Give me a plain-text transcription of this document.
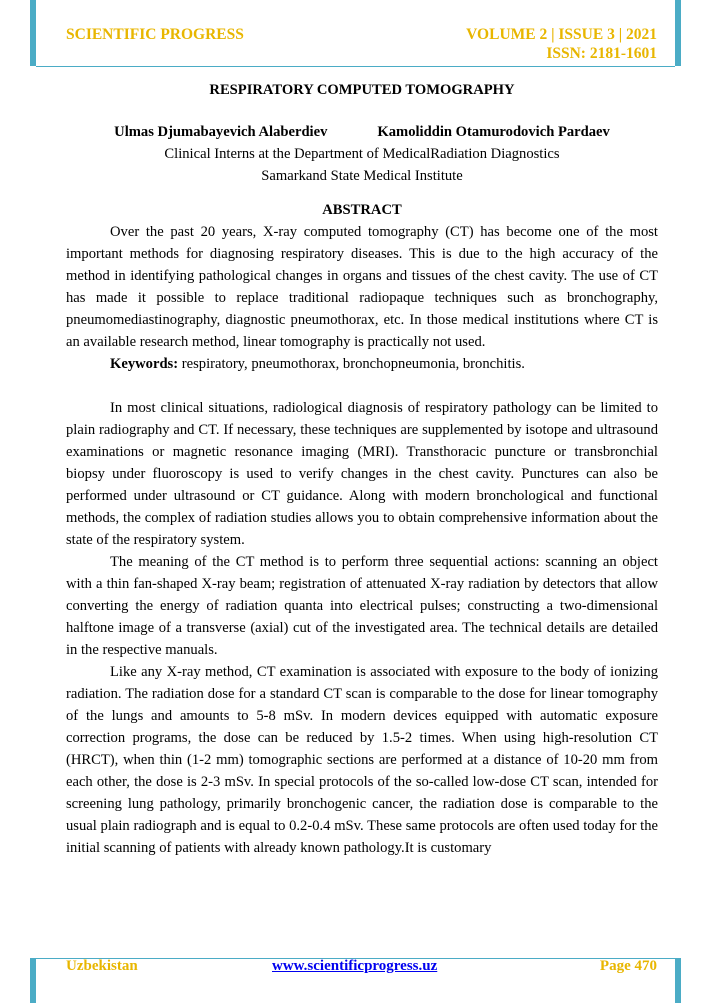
SCIENTIFIC PROGRESS	VOLUME 2 | ISSUE 3 | 2021
ISSN: 2181-1601
RESPIRATORY COMPUTED TOMOGRAPHY
Ulmas Djumabayevich Alaberdiev	Kamoliddin Otamurodovich Pardaev
Clinical Interns at the Department of MedicalRadiation Diagnostics
Samarkand State Medical Institute
ABSTRACT

Over the past 20 years, X-ray computed tomography (CT) has become one of the most important methods for diagnosing respiratory diseases. This is due to the high accuracy of the method in identifying pathological changes in organs and tissues of the chest cavity. The use of CT has made it possible to replace traditional radiopaque techniques such as bronchography, pneumomediastinography, diagnostic pneumothorax, etc. In those medical institutions where CT is an available research method, linear tomography is practically not used.

Keywords: respiratory, pneumothorax, bronchopneumonia, bronchitis.

In most clinical situations, radiological diagnosis of respiratory pathology can be limited to plain radiography and CT. If necessary, these techniques are supplemented by isotope and ultrasound examinations or magnetic resonance imaging (MRI). Transthoracic puncture or transbronchial biopsy under fluoroscopy is used to verify changes in the chest cavity. Punctures can also be performed under ultrasound or CT guidance. Along with modern bronchological and functional methods, the complex of radiation studies allows you to obtain comprehensive information about the state of the respiratory system.

The meaning of the CT method is to perform three sequential actions: scanning an object with a thin fan-shaped X-ray beam; registration of attenuated X-ray radiation by detectors that allow converting the energy of radiation quanta into electrical pulses; constructing a two-dimensional halftone image of a transverse (axial) cut of the investigated area. The technical details are detailed in the respective manuals.

Like any X-ray method, CT examination is associated with exposure to the body of ionizing radiation. The radiation dose for a standard CT scan is comparable to the dose for linear tomography of the lungs and amounts to 5-8 mSv. In modern devices equipped with automatic exposure correction programs, the dose can be reduced by 1.5-2 times. When using high-resolution CT (HRCT), when thin (1-2 mm) tomographic sections are performed at a distance of 10-20 mm from each other, the dose is 2-3 mSv. In special protocols of the so-called low-dose CT scan, intended for screening lung pathology, primarily bronchogenic cancer, the radiation dose is comparable to the usual plain radiograph and is equal to 0.2-0.4 mSv. These same protocols are often used today for the initial scanning of patients with already known pathology.It is customary

Uzbekistan	www.scientificprogress.uz	Page 470
